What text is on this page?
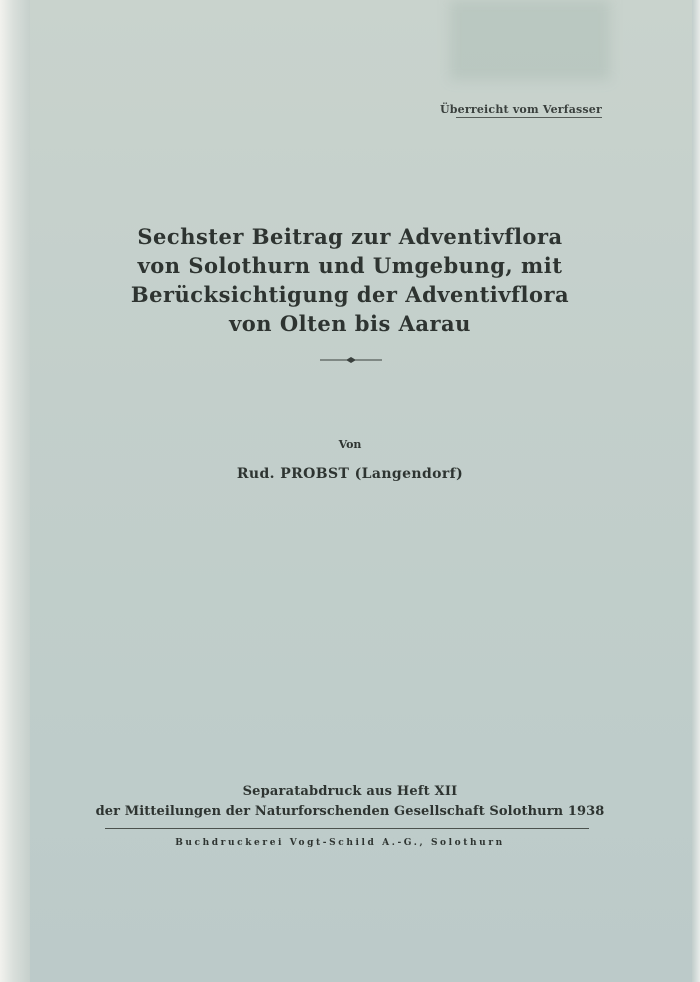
Überreicht vom Verfasser
Sechster Beitrag zur Adventivflora
von Solothurn und Umgebung, mit
Berücksichtigung der Adventivflora
von Olten bis Aarau
Von
Rud. PROBST (Langendorf)
Separatabdruck aus Heft XII
der Mitteilungen der Naturforschenden Gesellschaft Solothurn 1938
Buchdruckerei Vogt-Schild A.-G., Solothurn
